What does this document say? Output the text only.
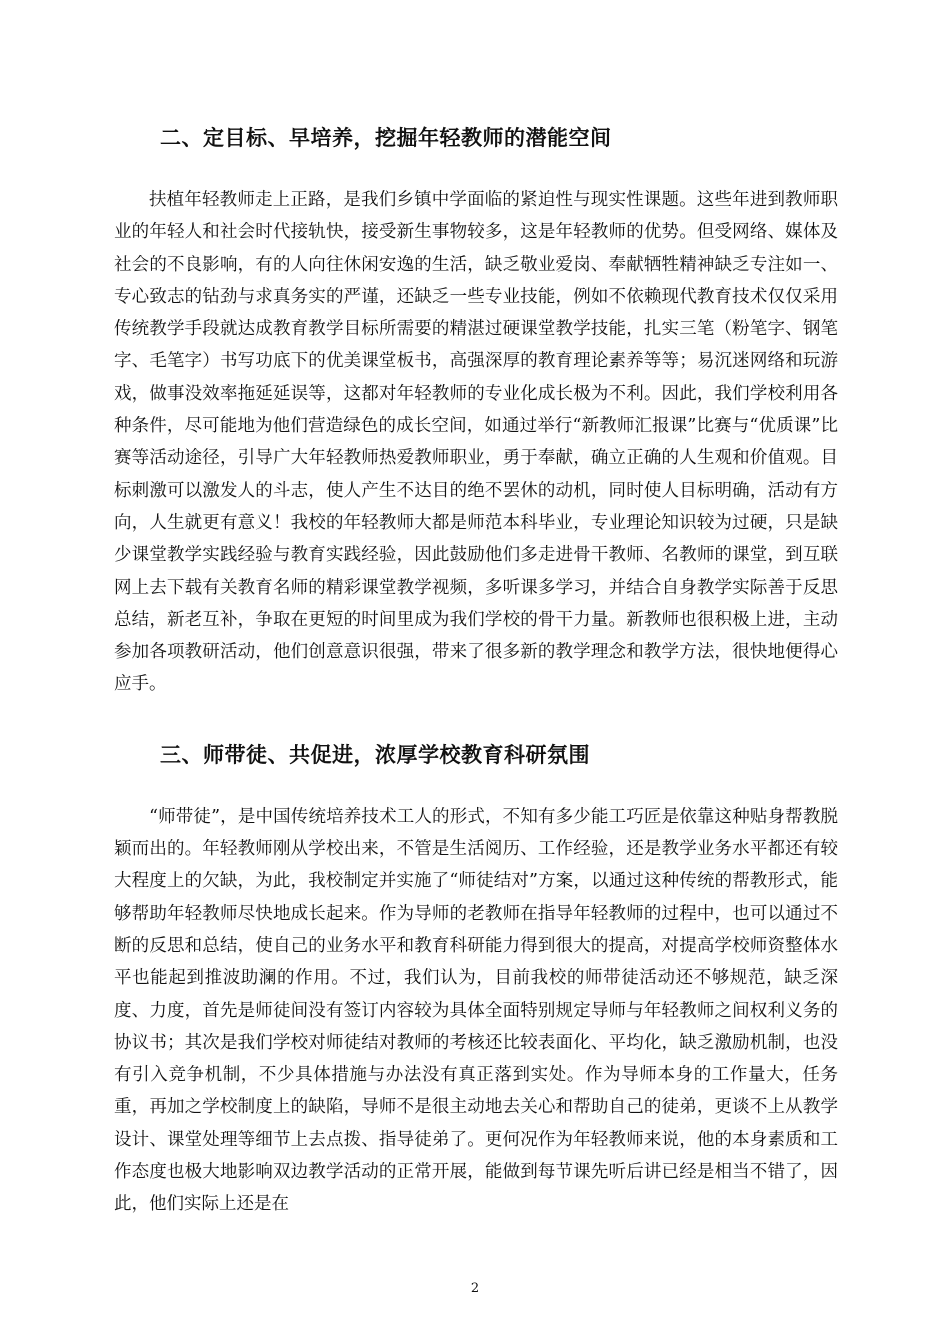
二、定目标、早培养，挖掘年轻教师的潜能空间

扶植年轻教师走上正路，是我们乡镇中学面临的紧迫性与现实性课题。这些年进到教师职业的年轻人和社会时代接轨快，接受新生事物较多，这是年轻教师的优势。但受网络、媒体及社会的不良影响，有的人向往休闲安逸的生活，缺乏敬业爱岗、奉献牺牲精神缺乏专注如一、专心致志的钻劲与求真务实的严谨，还缺乏一些专业技能，例如不依赖现代教育技术仅仅采用传统教学手段就达成教育教学目标所需要的精湛过硬课堂教学技能，扎实三笔（粉笔字、钢笔字、毛笔字）书写功底下的优美课堂板书，高强深厚的教育理论素养等等；易沉迷网络和玩游戏，做事没效率拖延延误等，这都对年轻教师的专业化成长极为不利。因此，我们学校利用各种条件，尽可能地为他们营造绿色的成长空间，如通过举行“新教师汇报课”比赛与“优质课”比赛等活动途径，引导广大年轻教师热爱教师职业，勇于奉献，确立正确的人生观和价值观。目标刺激可以激发人的斗志，使人产生不达目的绝不罢休的动机，同时使人目标明确，活动有方向，人生就更有意义！我校的年轻教师大都是师范本科毕业，专业理论知识较为过硬，只是缺少课堂教学实践经验与教育实践经验，因此鼓励他们多走进骨干教师、名教师的课堂，到互联网上去下载有关教育名师的精彩课堂教学视频，多听课多学习，并结合自身教学实际善于反思总结，新老互补，争取在更短的时间里成为我们学校的骨干力量。新教师也很积极上进，主动参加各项教研活动，他们创意意识很强，带来了很多新的教学理念和教学方法，很快地便得心应手。

三、师带徒、共促进，浓厚学校教育科研氛围

“师带徒”，是中国传统培养技术工人的形式，不知有多少能工巧匠是依靠这种贴身帮教脱颖而出的。年轻教师刚从学校出来，不管是生活阅历、工作经验，还是教学业务水平都还有较大程度上的欠缺，为此，我校制定并实施了“师徒结对”方案，以通过这种传统的帮教形式，能够帮助年轻教师尽快地成长起来。作为导师的老教师在指导年轻教师的过程中，也可以通过不断的反思和总结，使自己的业务水平和教育科研能力得到很大的提高，对提高学校师资整体水平也能起到推波助澜的作用。不过，我们认为，目前我校的师带徒活动还不够规范，缺乏深度、力度，首先是师徒间没有签订内容较为具体全面特别规定导师与年轻教师之间权利义务的协议书；其次是我们学校对师徒结对教师的考核还比较表面化、平均化，缺乏激励机制，也没有引入竞争机制，不少具体措施与办法没有真正落到实处。作为导师本身的工作量大，任务重，再加之学校制度上的缺陷，导师不是很主动地去关心和帮助自己的徒弟，更谈不上从教学设计、课堂处理等细节上去点拨、指导徒弟了。更何况作为年轻教师来说，他的本身素质和工作态度也极大地影响双边教学活动的正常开展，能做到每节课先听后讲已经是相当不错了，因此，他们实际上还是在

2
